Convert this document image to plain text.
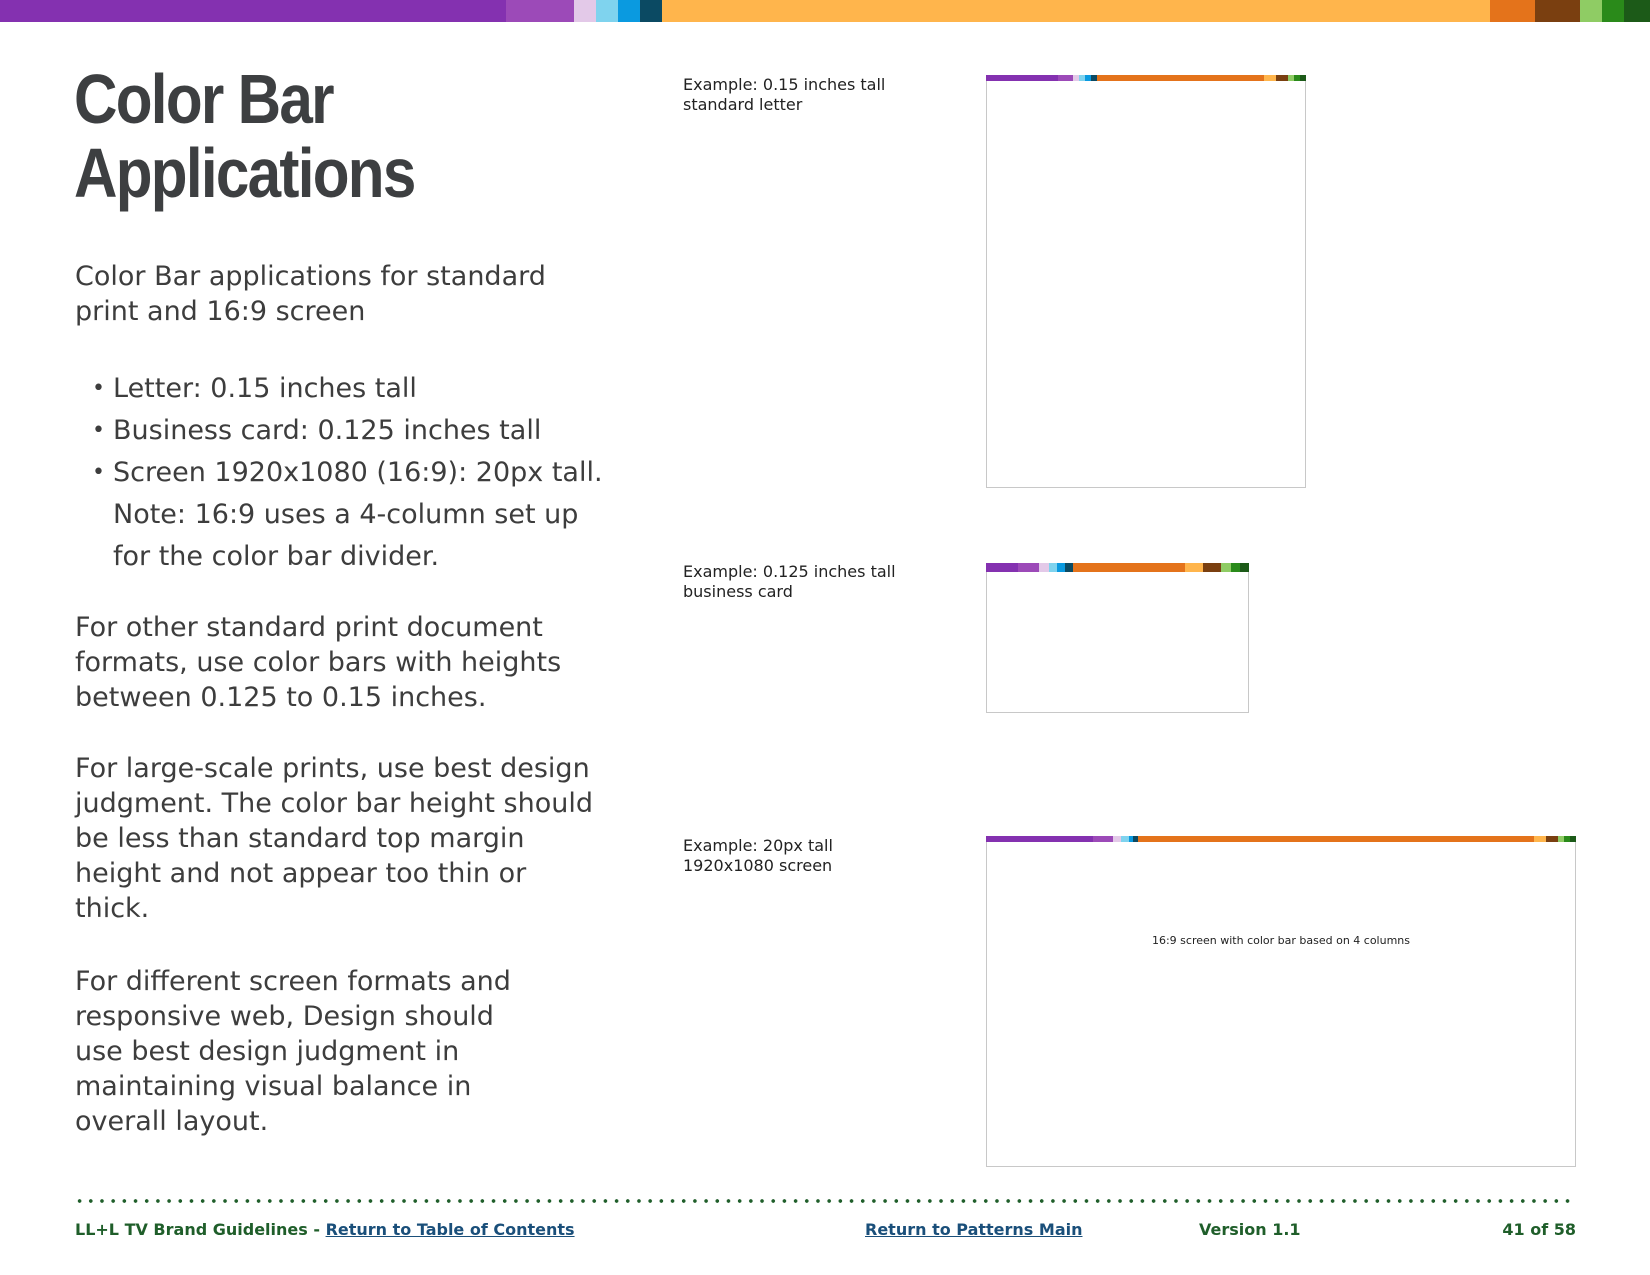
Color Bar
Applications

Color Bar applications for standard print and 16:9 screen

• Letter: 0.15 inches tall
• Business card: 0.125 inches tall
• Screen 1920x1080 (16:9): 20px tall. Note: 16:9 uses a 4-column set up for the color bar divider.

For other standard print document formats, use color bars with heights between 0.125 to 0.15 inches.

For large-scale prints, use best design judgment. The color bar height should be less than standard top margin height and not appear too thin or thick.

For different screen formats and responsive web, Design should use best design judgment in maintaining visual balance in overall layout.

Example: 0.15 inches tall
standard letter
Example: 0.125 inches tall
business card
Example: 20px tall
1920x1080 screen
16:9 screen with color bar based on 4 columns
LL+L TV Brand Guidelines - Return to Table of Contents	Return to Patterns Main	Version 1.1	41 of 58
